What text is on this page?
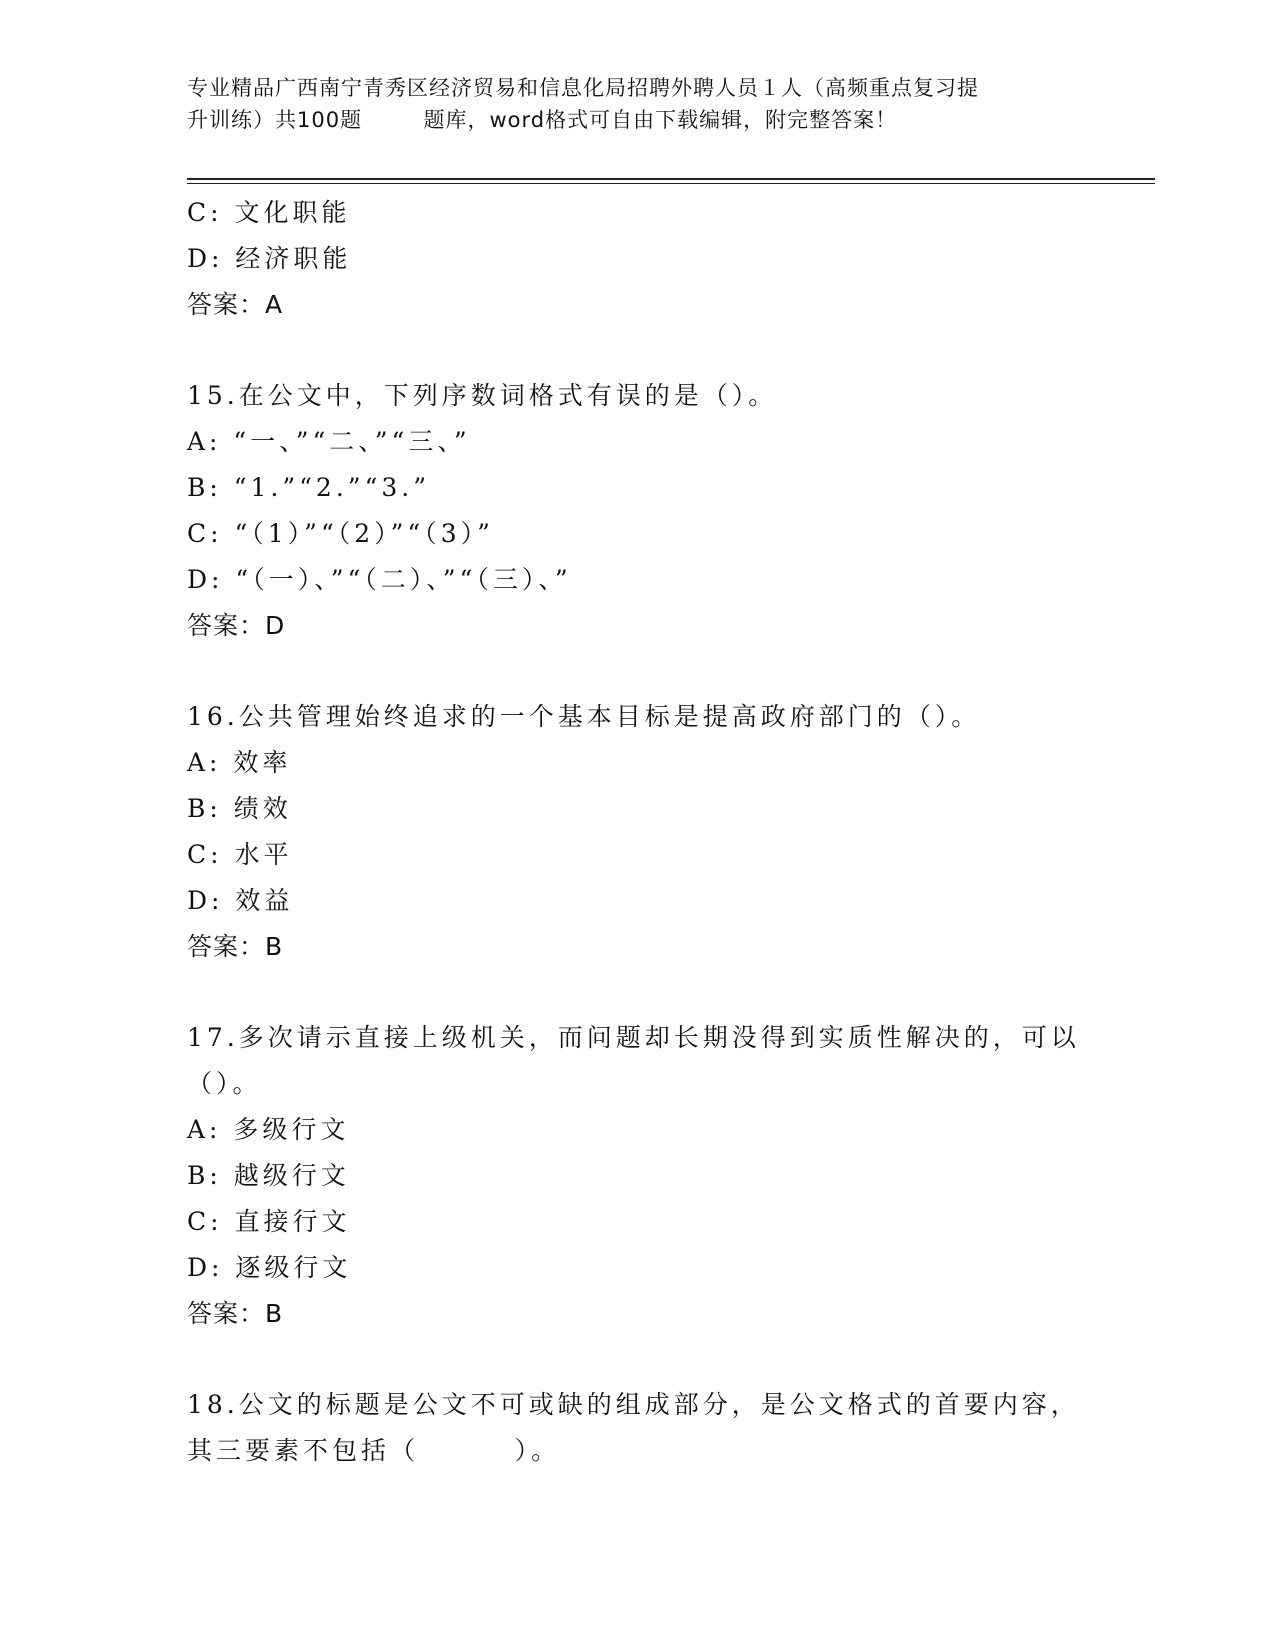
专业精品广西南宁青秀区经济贸易和信息化局招聘外聘人员１人（高频重点复习提
升训练）共100题        题库，word格式可自由下载编辑，附完整答案！
C: 文化职能
D: 经济职能
答案：A
15.在公文中，下列序数词格式有误的是（）。
A: “一、”“二、”“三、”
B: “1.”“2.”“3.”
C: “（1）”“（2）”“（3）”
D: “（一）、”“（二）、”“（三）、”
答案：D
16.公共管理始终追求的一个基本目标是提高政府部门的（）。
A: 效率
B: 绩效
C: 水平
D: 效益
答案：B
17.多次请示直接上级机关，而问题却长期没得到实质性解决的，可以
（）。
A: 多级行文
B: 越级行文
C: 直接行文
D: 逐级行文
答案：B
18.公文的标题是公文不可或缺的组成部分，是公文格式的首要内容，
其三要素不包括（        ）。
